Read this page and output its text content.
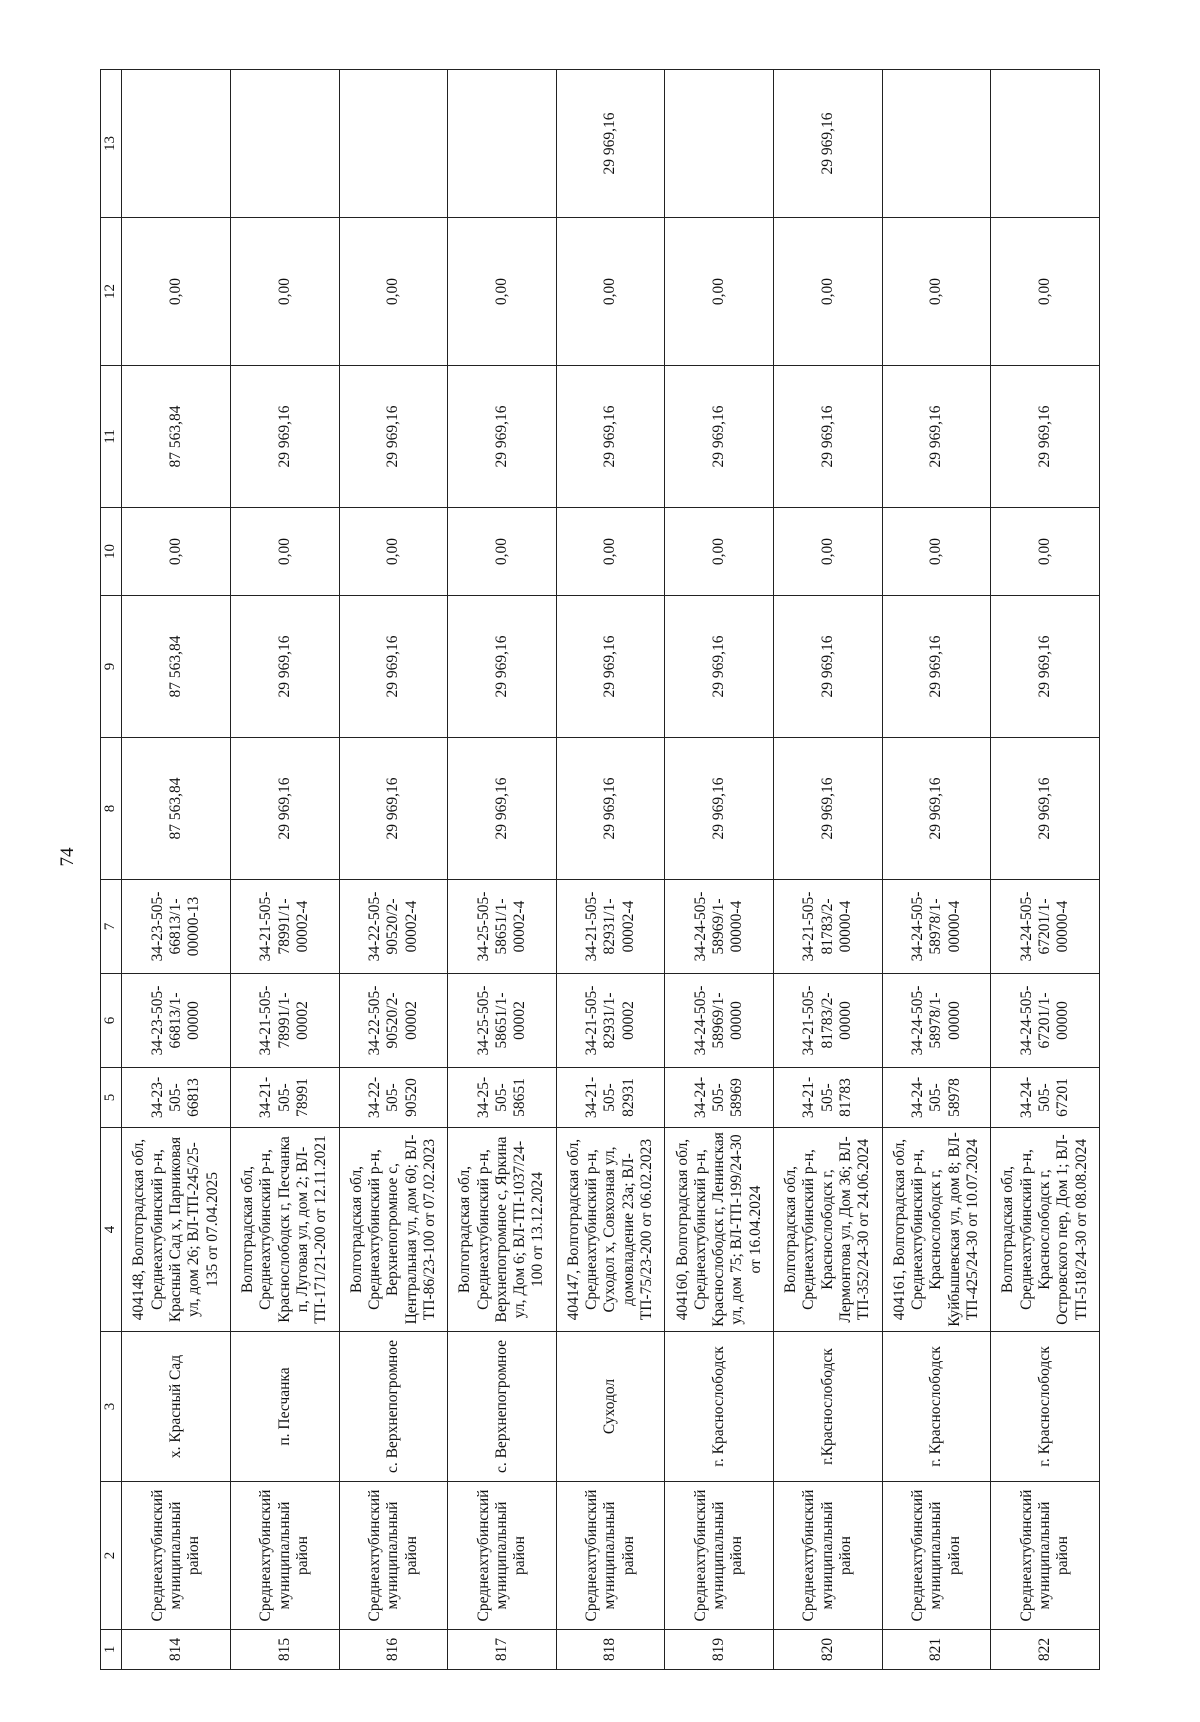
74
1	2	3	4	5	6	7	8	9	10	11	12	13
814	Среднеахтубинский муниципальный район	х. Красный Сад	404148, Волгоградская обл, Среднеахтубинский р-н, Красный Сад х, Парниковая ул, дом 26; ВЛ-ТП-245/25-135 от 07.04.2025	34-23-505-66813	34-23-505-66813/1-00000	34-23-505-66813/1-00000-13	87 563,84	87 563,84	0,00	87 563,84	0,00	
815	Среднеахтубинский муниципальный район	п. Песчанка	Волгоградская обл, Среднеахтубинский р-н, Краснослободск г, Песчанка п, Луговая ул, дом 2; ВЛ-ТП-171/21-200 от 12.11.2021	34-21-505-78991	34-21-505-78991/1-00002	34-21-505-78991/1-00002-4	29 969,16	29 969,16	0,00	29 969,16	0,00	
816	Среднеахтубинский муниципальный район	с. Верхнепогромное	Волгоградская обл, Среднеахтубинский р-н, Верхнепогромное с, Центральная ул, дом 60; ВЛ-ТП-86/23-100 от 07.02.2023	34-22-505-90520	34-22-505-90520/2-00002	34-22-505-90520/2-00002-4	29 969,16	29 969,16	0,00	29 969,16	0,00	
817	Среднеахтубинский муниципальный район	с. Верхнепогромное	Волгоградская обл, Среднеахтубинский р-н, Верхнепогромное с, Яркина ул, Дом 6; ВЛ-ТП-1037/24-100 от 13.12.2024	34-25-505-58651	34-25-505-58651/1-00002	34-25-505-58651/1-00002-4	29 969,16	29 969,16	0,00	29 969,16	0,00	
818	Среднеахтубинский муниципальный район	Суходол	404147, Волгоградская обл, Среднеахтубинский р-н, Суходол х, Совхозная ул, домовладение 23а; ВЛ-ТП-75/23-200 от 06.02.2023	34-21-505-82931	34-21-505-82931/1-00002	34-21-505-82931/1-00002-4	29 969,16	29 969,16	0,00	29 969,16	0,00	29 969,16
819	Среднеахтубинский муниципальный район	г. Краснослободск	404160, Волгоградская обл, Среднеахтубинский р-н, Краснослободск г, Ленинская ул, дом 75; ВЛ-ТП-199/24-30 от 16.04.2024	34-24-505-58969	34-24-505-58969/1-00000	34-24-505-58969/1-00000-4	29 969,16	29 969,16	0,00	29 969,16	0,00	
820	Среднеахтубинский муниципальный район	г.Краснослободск	Волгоградская обл, Среднеахтубинский р-н, Краснослободск г, Лермонтова ул, Дом 36; ВЛ-ТП-352/24-30 от 24.06.2024	34-21-505-81783	34-21-505-81783/2-00000	34-21-505-81783/2-00000-4	29 969,16	29 969,16	0,00	29 969,16	0,00	29 969,16
821	Среднеахтубинский муниципальный район	г. Краснослободск	404161, Волгоградская обл, Среднеахтубинский р-н, Краснослободск г, Куйбышевская ул, дом 8; ВЛ-ТП-425/24-30 от 10.07.2024	34-24-505-58978	34-24-505-58978/1-00000	34-24-505-58978/1-00000-4	29 969,16	29 969,16	0,00	29 969,16	0,00	
822	Среднеахтубинский муниципальный район	г. Краснослободск	Волгоградская обл, Среднеахтубинский р-н, Краснослободск г, Островского пер, Дом 1; ВЛ-ТП-518/24-30 от 08.08.2024	34-24-505-67201	34-24-505-67201/1-00000	34-24-505-67201/1-00000-4	29 969,16	29 969,16	0,00	29 969,16	0,00	
